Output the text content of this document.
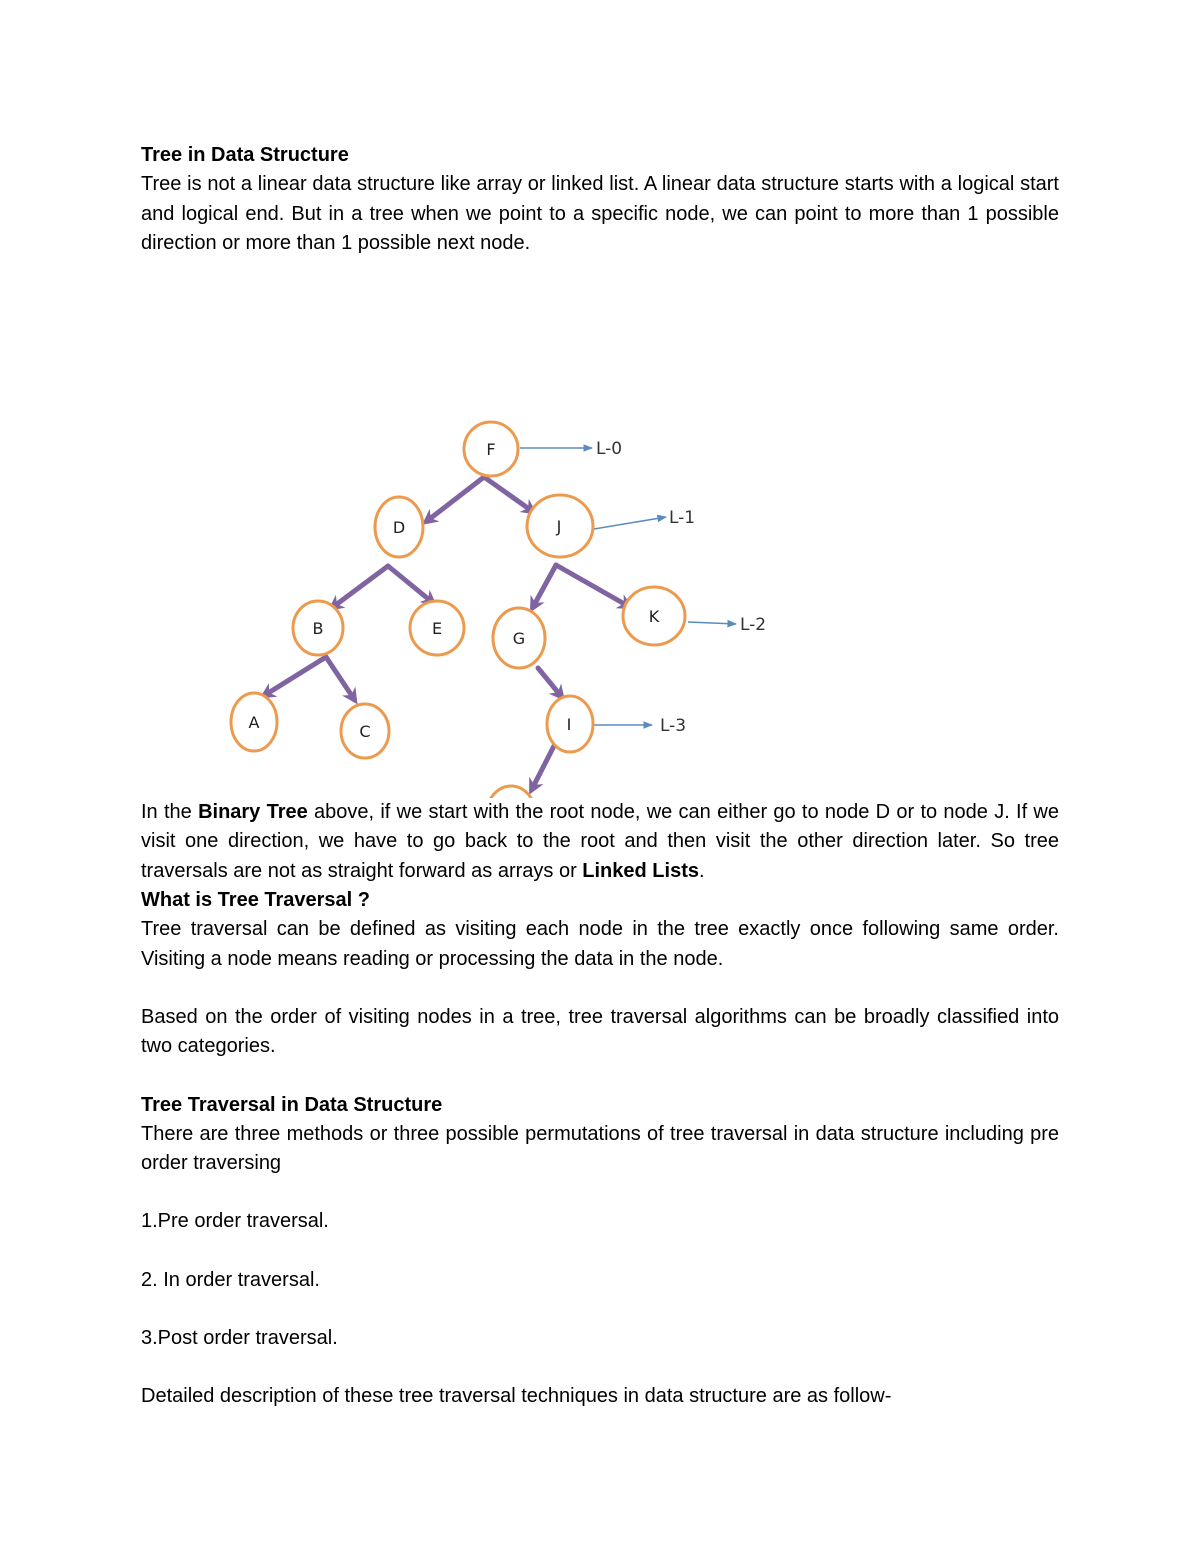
Tree in Data Structure

Tree is not a linear data structure like array or linked list. A linear data structure starts with a logical start and logical end. But in a tree when we point to a specific node, we can point to more than 1 possible direction or more than 1 possible next node.

F
D	J
B	E
G
K
A	C	I
L-0
L-1
L-2
L-3

In the Binary Tree above, if we start with the root node, we can either go to node D or to node J. If we visit one direction, we have to go back to the root and then visit the other direction later. So tree traversals are not as straight forward as arrays or Linked Lists.

What is Tree Traversal ?

Tree traversal can be defined as visiting each node in the tree exactly once following same order. Visiting a node means reading or processing the data in the node.

Based on the order of visiting nodes in a tree, tree traversal algorithms can be broadly classified into two categories.

Tree Traversal in Data Structure

There are three methods or three possible permutations of tree traversal in data structure including pre order traversing

1.Pre order traversal.

2. In order traversal.

3.Post order traversal.

Detailed description of these tree traversal techniques in data structure are as follow-
